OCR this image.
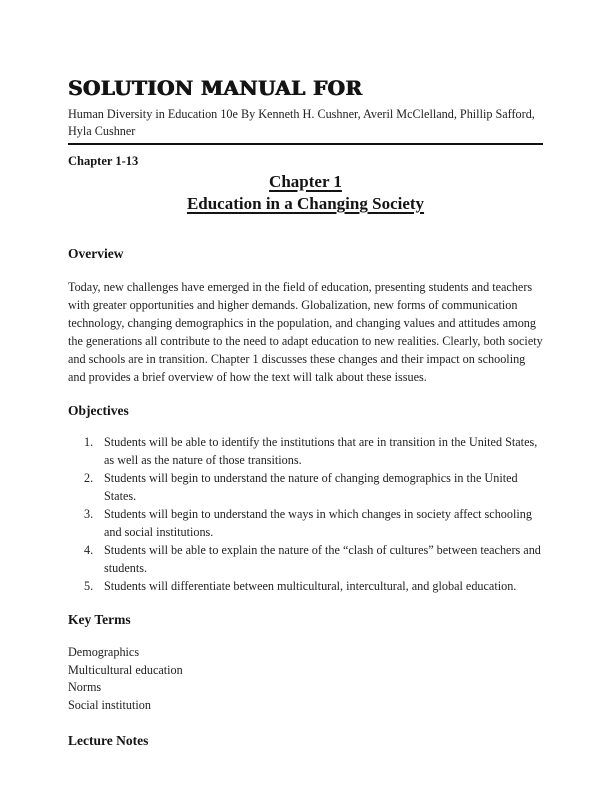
SOLUTION MANUAL FOR
Human Diversity in Education 10e By Kenneth H. Cushner, Averil McClelland, Phillip Safford, Hyla Cushner
Chapter 1-13
Chapter 1
Education in a Changing Society
Overview
Today, new challenges have emerged in the field of education, presenting students and teachers with greater opportunities and higher demands. Globalization, new forms of communication technology, changing demographics in the population, and changing values and attitudes among the generations all contribute to the need to adapt education to new realities. Clearly, both society and schools are in transition. Chapter 1 discusses these changes and their impact on schooling and provides a brief overview of how the text will talk about these issues.
Objectives
1. Students will be able to identify the institutions that are in transition in the United States, as well as the nature of those transitions.
2. Students will begin to understand the nature of changing demographics in the United States.
3. Students will begin to understand the ways in which changes in society affect schooling and social institutions.
4. Students will be able to explain the nature of the “clash of cultures” between teachers and students.
5. Students will differentiate between multicultural, intercultural, and global education.
Key Terms
Demographics
Multicultural education
Norms
Social institution
Lecture Notes
